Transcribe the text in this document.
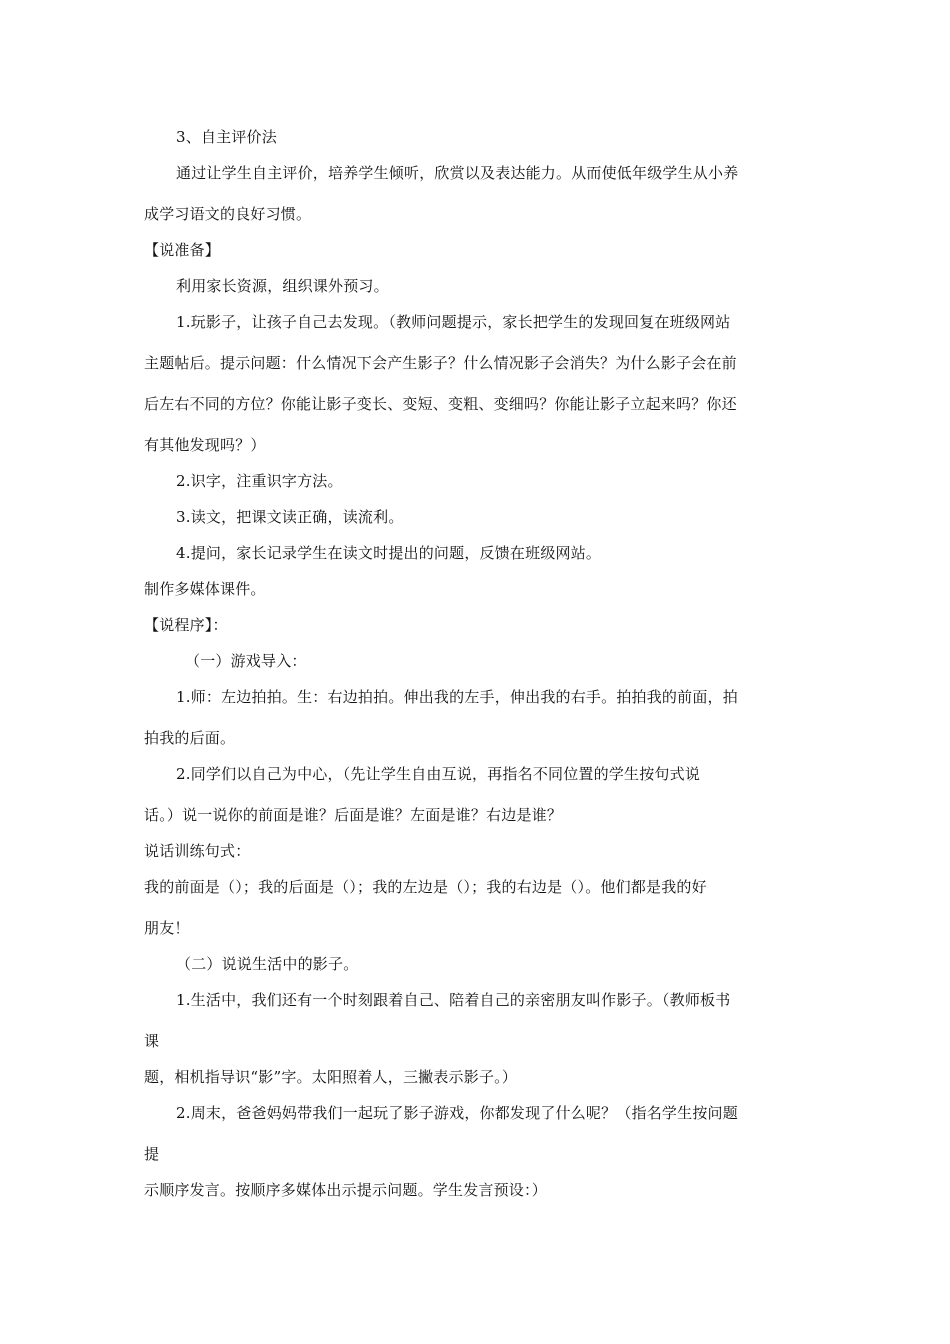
3、自主评价法
通过让学生自主评价，培养学生倾听，欣赏以及表达能力。从而使低年级学生从小养
成学习语文的良好习惯。
【说准备】
利用家长资源，组织课外预习。
1.玩影子，让孩子自己去发现。（教师问题提示，家长把学生的发现回复在班级网站
主题帖后。提示问题：什么情况下会产生影子？什么情况影子会消失？为什么影子会在前
后左右不同的方位？你能让影子变长、变短、变粗、变细吗？你能让影子立起来吗？你还
有其他发现吗？）
2.识字，注重识字方法。
3.读文，把课文读正确，读流利。
4.提问，家长记录学生在读文时提出的问题，反馈在班级网站。
制作多媒体课件。
【说程序】：
（一）游戏导入：
1.师：左边拍拍。生：右边拍拍。伸出我的左手，伸出我的右手。拍拍我的前面，拍
拍我的后面。
2.同学们以自己为中心，（先让学生自由互说，再指名不同位置的学生按句式说
话。）说一说你的前面是谁？后面是谁？左面是谁？右边是谁？
说话训练句式：
我的前面是（）；我的后面是（）；我的左边是（）；我的右边是（）。他们都是我的好
朋友！
（二）说说生活中的影子。
1.生活中，我们还有一个时刻跟着自己、陪着自己的亲密朋友叫作影子。（教师板书
课
题，相机指导识“影”字。太阳照着人，三撇表示影子。）
2.周末，爸爸妈妈带我们一起玩了影子游戏，你都发现了什么呢？（指名学生按问题
提
示顺序发言。按顺序多媒体出示提示问题。学生发言预设：）
